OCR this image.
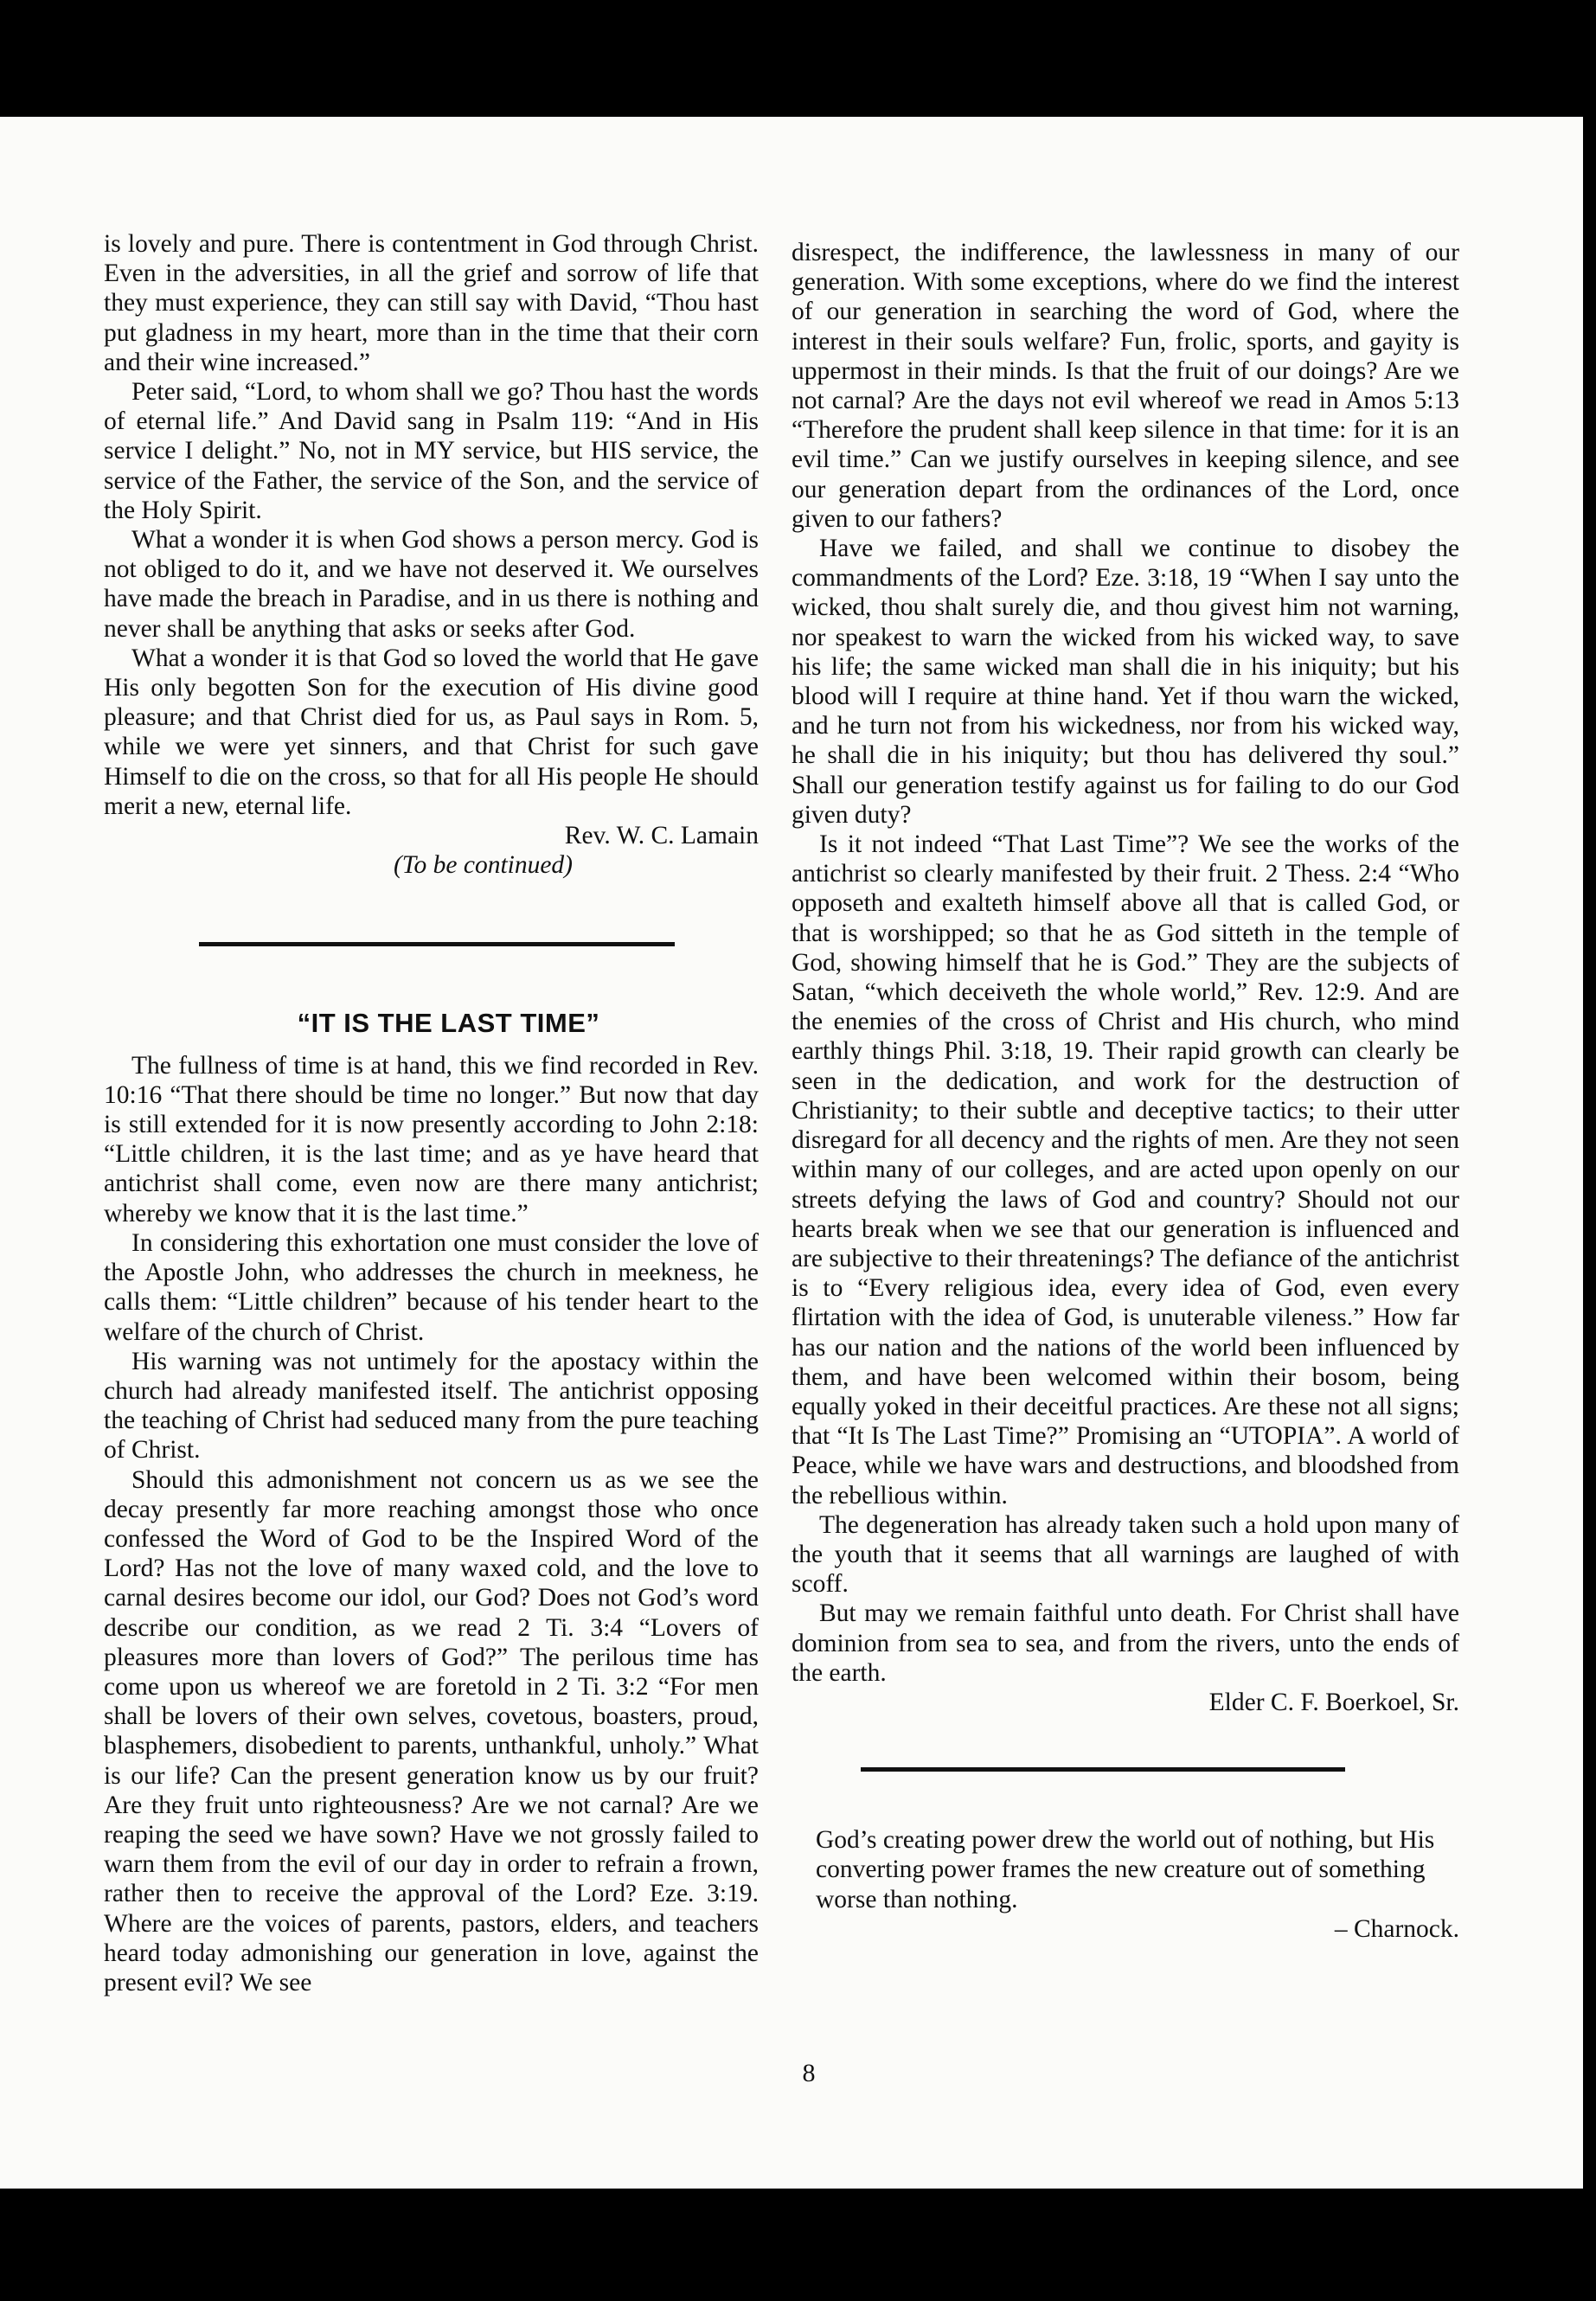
is lovely and pure. There is contentment in God through Christ. Even in the adversities, in all the grief and sorrow of life that they must experience, they can still say with David, “Thou hast put gladness in my heart, more than in the time that their corn and their wine increased.”

Peter said, “Lord, to whom shall we go? Thou hast the words of eternal life.” And David sang in Psalm 119: “And in His service I delight.” No, not in MY service, but HIS service, the service of the Father, the service of the Son, and the service of the Holy Spirit.

What a wonder it is when God shows a person mercy. God is not obliged to do it, and we have not deserved it. We ourselves have made the breach in Paradise, and in us there is nothing and never shall be anything that asks or seeks after God.

What a wonder it is that God so loved the world that He gave His only begotten Son for the execution of His divine good pleasure; and that Christ died for us, as Paul says in Rom. 5, while we were yet sinners, and that Christ for such gave Himself to die on the cross, so that for all His people He should merit a new, eternal life.

Rev. W. C. Lamain

(To be continued)

“IT IS THE LAST TIME”

The fullness of time is at hand, this we find recorded in Rev. 10:16 “That there should be time no longer.” But now that day is still extended for it is now presently according to John 2:18: “Little children, it is the last time; and as ye have heard that antichrist shall come, even now are there many antichrist; whereby we know that it is the last time.”

In considering this exhortation one must consider the love of the Apostle John, who addresses the church in meekness, he calls them: “Little children” because of his tender heart to the welfare of the church of Christ.

His warning was not untimely for the apostacy within the church had already manifested itself. The antichrist opposing the teaching of Christ had seduced many from the pure teaching of Christ.

Should this admonishment not concern us as we see the decay presently far more reaching amongst those who once confessed the Word of God to be the Inspired Word of the Lord? Has not the love of many waxed cold, and the love to carnal desires become our idol, our God? Does not God’s word describe our condition, as we read 2 Ti. 3:4 “Lovers of pleasures more than lovers of God?” The perilous time has come upon us whereof we are foretold in 2 Ti. 3:2 “For men shall be lovers of their own selves, covetous, boasters, proud, blasphemers, disobedient to parents, unthankful, unholy.” What is our life? Can the present generation know us by our fruit? Are they fruit unto righteousness? Are we not carnal? Are we reaping the seed we have sown? Have we not grossly failed to warn them from the evil of our day in order to refrain a frown, rather then to receive the approval of the Lord? Eze. 3:19. Where are the voices of parents, pastors, elders, and teachers heard today admonishing our generation in love, against the present evil? We see

disrespect, the indifference, the lawlessness in many of our generation. With some exceptions, where do we find the interest of our generation in searching the word of God, where the interest in their souls welfare? Fun, frolic, sports, and gayity is uppermost in their minds. Is that the fruit of our doings? Are we not carnal? Are the days not evil whereof we read in Amos 5:13 “Therefore the prudent shall keep silence in that time: for it is an evil time.” Can we justify ourselves in keeping silence, and see our generation depart from the ordinances of the Lord, once given to our fathers?

Have we failed, and shall we continue to disobey the commandments of the Lord? Eze. 3:18, 19 “When I say unto the wicked, thou shalt surely die, and thou givest him not warning, nor speakest to warn the wicked from his wicked way, to save his life; the same wicked man shall die in his iniquity; but his blood will I require at thine hand. Yet if thou warn the wicked, and he turn not from his wickedness, nor from his wicked way, he shall die in his iniquity; but thou has delivered thy soul.” Shall our generation testify against us for failing to do our God given duty?

Is it not indeed “That Last Time”? We see the works of the antichrist so clearly manifested by their fruit. 2 Thess. 2:4 “Who opposeth and exalteth himself above all that is called God, or that is worshipped; so that he as God sitteth in the temple of God, showing himself that he is God.” They are the subjects of Satan, “which deceiveth the whole world,” Rev. 12:9. And are the enemies of the cross of Christ and His church, who mind earthly things Phil. 3:18, 19. Their rapid growth can clearly be seen in the dedication, and work for the destruction of Christianity; to their subtle and deceptive tactics; to their utter disregard for all decency and the rights of men. Are they not seen within many of our colleges, and are acted upon openly on our streets defying the laws of God and country? Should not our hearts break when we see that our generation is influenced and are subjective to their threatenings? The defiance of the antichrist is to “Every religious idea, every idea of God, even every flirtation with the idea of God, is unuterable vileness.” How far has our nation and the nations of the world been influenced by them, and have been welcomed within their bosom, being equally yoked in their deceitful practices. Are these not all signs; that “It Is The Last Time?” Promising an “UTOPIA”. A world of Peace, while we have wars and destructions, and bloodshed from the rebellious within.

The degeneration has already taken such a hold upon many of the youth that it seems that all warnings are laughed of with scoff.

But may we remain faithful unto death. For Christ shall have dominion from sea to sea, and from the rivers, unto the ends of the earth.

Elder C. F. Boerkoel, Sr.

God’s creating power drew the world out of nothing, but His converting power frames the new creature out of something worse than nothing.

– Charnock.

8
